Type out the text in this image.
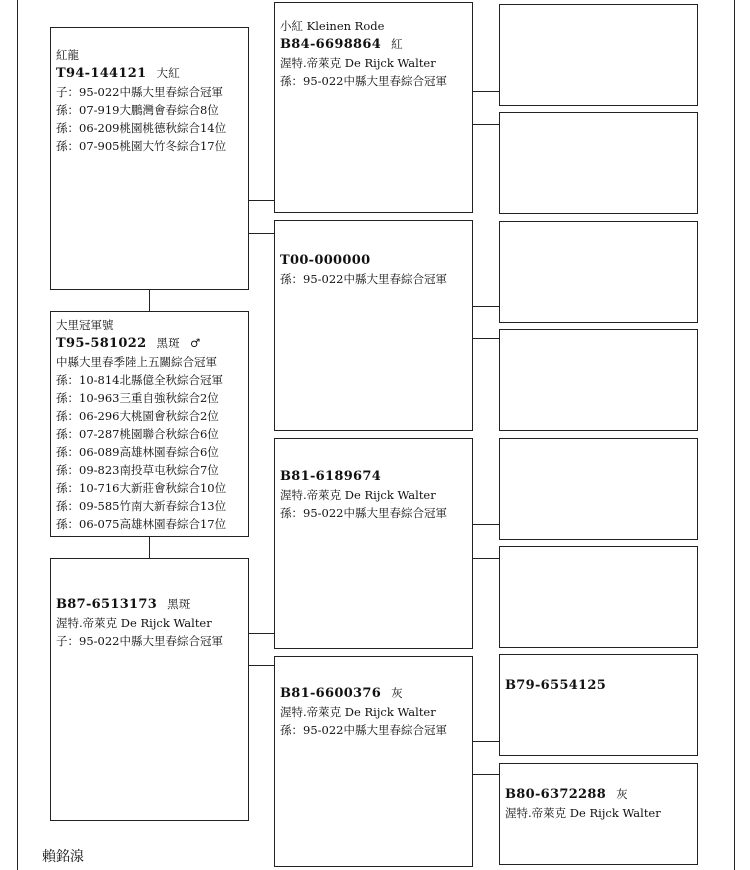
紅龍
T94-144121 大紅
子：95-022中縣大里春綜合冠軍
孫：07-919大鵬灣會春綜合8位
孫：06-209桃園桃德秋綜合14位
孫：07-905桃園大竹冬綜合17位
大里冠軍號
T95-581022 黑斑 ♂
中縣大里春季陸上五關綜合冠軍
孫：10-814北縣億全秋綜合冠軍
孫：10-963三重自強秋綜合2位
孫：06-296大桃園會秋綜合2位
孫：07-287桃園聯合秋綜合6位
孫：06-089高雄林園春綜合6位
孫：09-823南投草屯秋綜合7位
孫：10-716大新莊會秋綜合10位
孫：09-585竹南大新春綜合13位
孫：06-075高雄林園春綜合17位
B87-6513173 黑斑
渥特.帝萊克 De Rijck Walter
子：95-022中縣大里春綜合冠軍
小紅 Kleinen Rode
B84-6698864 紅
渥特.帝萊克 De Rijck Walter
孫：95-022中縣大里春綜合冠軍
T00-000000
孫：95-022中縣大里春綜合冠軍
B81-6189674
渥特.帝萊克 De Rijck Walter
孫：95-022中縣大里春綜合冠軍
B81-6600376 灰
渥特.帝萊克 De Rijck Walter
孫：95-022中縣大里春綜合冠軍
B79-6554125
B80-6372288 灰
渥特.帝萊克 De Rijck Walter
賴銘湶
